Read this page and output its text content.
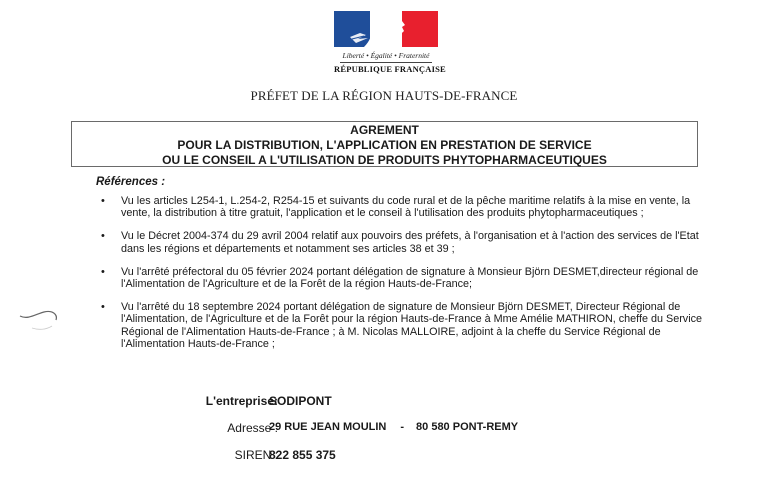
Liberté • Égalité • Fraternité
RÉPUBLIQUE FRANÇAISE
PRÉFET DE LA RÉGION HAUTS-DE-FRANCE
AGREMENT
POUR LA DISTRIBUTION, L'APPLICATION EN PRESTATION DE SERVICE
OU LE CONSEIL A L'UTILISATION DE PRODUITS PHYTOPHARMACEUTIQUES
Références :
• Vu les articles L254-1, L.254-2, R254-15 et suivants du code rural et de la pêche maritime relatifs à la mise en vente, la vente, la distribution à titre gratuit, l'application et le conseil à l'utilisation des produits phytopharmaceutiques ;
• Vu le Décret 2004-374 du 29 avril 2004 relatif aux pouvoirs des préfets, à l'organisation et à l'action des services de l'Etat dans les régions et départements et notamment ses articles 38 et 39 ;
• Vu l'arrêté préfectoral du 05 février 2024 portant délégation de signature à Monsieur Björn DESMET,directeur régional de l'Alimentation de l'Agriculture et de la Forêt de la région Hauts-de-France;
• Vu l'arrêté du 18 septembre 2024 portant délégation de signature de Monsieur Björn DESMET, Directeur Régional de l'Alimentation, de l'Agriculture et de la Forêt pour la région Hauts-de-France à Mme Amélie MATHIRON, cheffe du Service Régional de l'Alimentation Hauts-de-France ; à M. Nicolas MALLOIRE, adjoint à la cheffe du Service Régional de l'Alimentation Hauts-de-France ;
L'entreprise:
SODIPONT
Adresse :
29 RUE JEAN MOULIN - 80 580 PONT-REMY
SIREN :
822 855 375
